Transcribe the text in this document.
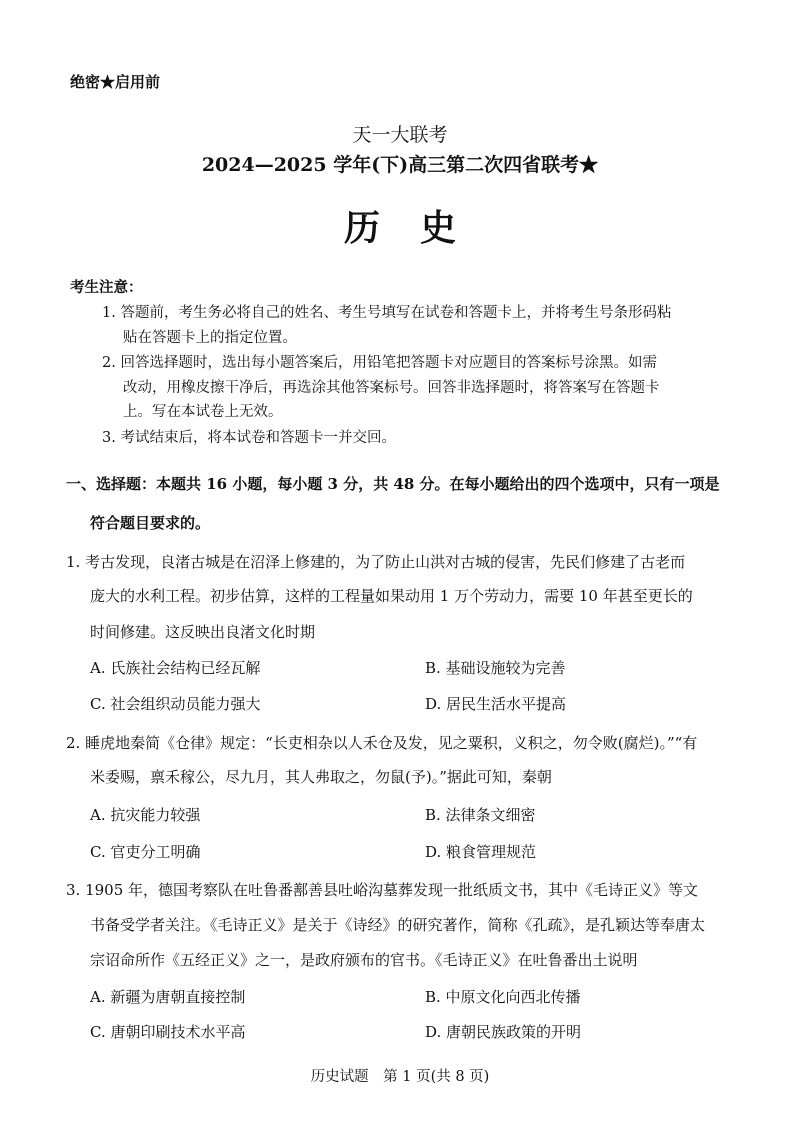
绝密★启用前
天一大联考
2024—2025 学年(下)高三第二次四省联考★
历史
考生注意：
1. 答题前，考生务必将自己的姓名、考生号填写在试卷和答题卡上，并将考生号条形码粘
贴在答题卡上的指定位置。
2. 回答选择题时，选出每小题答案后，用铅笔把答题卡对应题目的答案标号涂黑。如需
改动，用橡皮擦干净后，再选涂其他答案标号。回答非选择题时，将答案写在答题卡
上。写在本试卷上无效。
3. 考试结束后，将本试卷和答题卡一并交回。
一、选择题：本题共 16 小题，每小题 3 分，共 48 分。在每小题给出的四个选项中，只有一项是
符合题目要求的。
1. 考古发现，良渚古城是在沼泽上修建的，为了防止山洪对古城的侵害，先民们修建了古老而
庞大的水利工程。初步估算，这样的工程量如果动用 1 万个劳动力，需要 10 年甚至更长的
时间修建。这反映出良渚文化时期
A. 氏族社会结构已经瓦解	B. 基础设施较为完善
C. 社会组织动员能力强大	D. 居民生活水平提高
2. 睡虎地秦简《仓律》规定：“长吏相杂以人禾仓及发，见之粟积，义积之，勿令败(腐烂)。”“有
米委赐，禀禾稼公，尽九月，其人弗取之，勿鼠(予)。”据此可知，秦朝
A. 抗灾能力较强	B. 法律条文细密
C. 官吏分工明确	D. 粮食管理规范
3. 1905 年，德国考察队在吐鲁番鄯善县吐峪沟墓葬发现一批纸质文书，其中《毛诗正义》等文
书备受学者关注。《毛诗正义》是关于《诗经》的研究著作，简称《孔疏》，是孔颖达等奉唐太
宗诏命所作《五经正义》之一，是政府颁布的官书。《毛诗正义》在吐鲁番出土说明
A. 新疆为唐朝直接控制	B. 中原文化向西北传播
C. 唐朝印刷技术水平高	D. 唐朝民族政策的开明
历史试题　第 1 页(共 8 页)
